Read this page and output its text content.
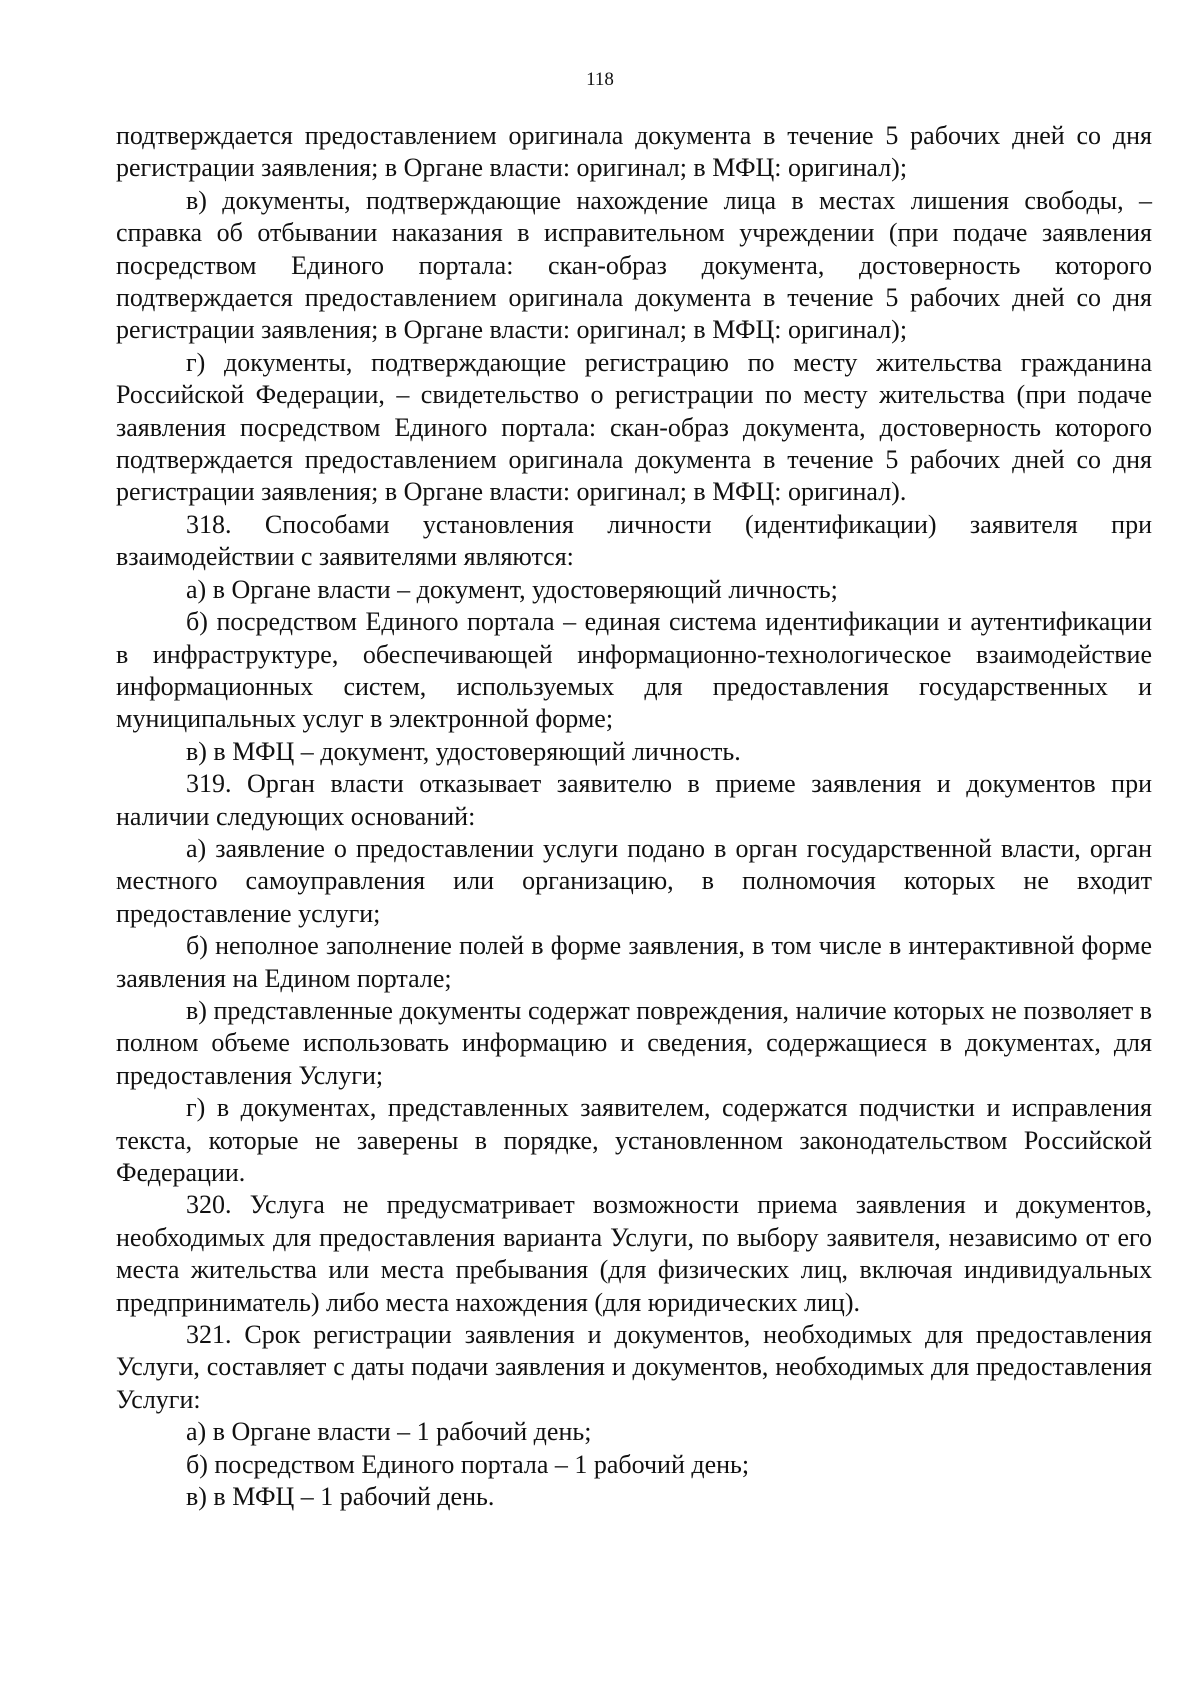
118

подтверждается предоставлением оригинала документа в течение 5 рабочих дней со дня регистрации заявления; в Органе власти: оригинал; в МФЦ: оригинал);

в) документы, подтверждающие нахождение лица в местах лишения свободы, – справка об отбывании наказания в исправительном учреждении (при подаче заявления посредством Единого портала: скан-образ документа, достоверность которого подтверждается предоставлением оригинала документа в течение 5 рабочих дней со дня регистрации заявления; в Органе власти: оригинал; в МФЦ: оригинал);

г) документы, подтверждающие регистрацию по месту жительства гражданина Российской Федерации, – свидетельство о регистрации по месту жительства (при подаче заявления посредством Единого портала: скан-образ документа, достоверность которого подтверждается предоставлением оригинала документа в течение 5 рабочих дней со дня регистрации заявления; в Органе власти: оригинал; в МФЦ: оригинал).

318. Способами установления личности (идентификации) заявителя при взаимодействии с заявителями являются:

а) в Органе власти – документ, удостоверяющий личность;

б) посредством Единого портала – единая система идентификации и аутентификации в инфраструктуре, обеспечивающей информационно-технологическое взаимодействие информационных систем, используемых для предоставления государственных и муниципальных услуг в электронной форме;

в) в МФЦ – документ, удостоверяющий личность.

319. Орган власти отказывает заявителю в приеме заявления и документов при наличии следующих оснований:

а) заявление о предоставлении услуги подано в орган государственной власти, орган местного самоуправления или организацию, в полномочия которых не входит предоставление услуги;

б) неполное заполнение полей в форме заявления, в том числе в интерактивной форме заявления на Едином портале;

в) представленные документы содержат повреждения, наличие которых не позволяет в полном объеме использовать информацию и сведения, содержащиеся в документах, для предоставления Услуги;

г) в документах, представленных заявителем, содержатся подчистки и исправления текста, которые не заверены в порядке, установленном законодательством Российской Федерации.

320. Услуга не предусматривает возможности приема заявления и документов, необходимых для предоставления варианта Услуги, по выбору заявителя, независимо от его места жительства или места пребывания (для физических лиц, включая индивидуальных предприниматель) либо места нахождения (для юридических лиц).

321. Срок регистрации заявления и документов, необходимых для предоставления Услуги, составляет с даты подачи заявления и документов, необходимых для предоставления Услуги:

а) в Органе власти – 1 рабочий день;

б) посредством Единого портала – 1 рабочий день;

в) в МФЦ – 1 рабочий день.
